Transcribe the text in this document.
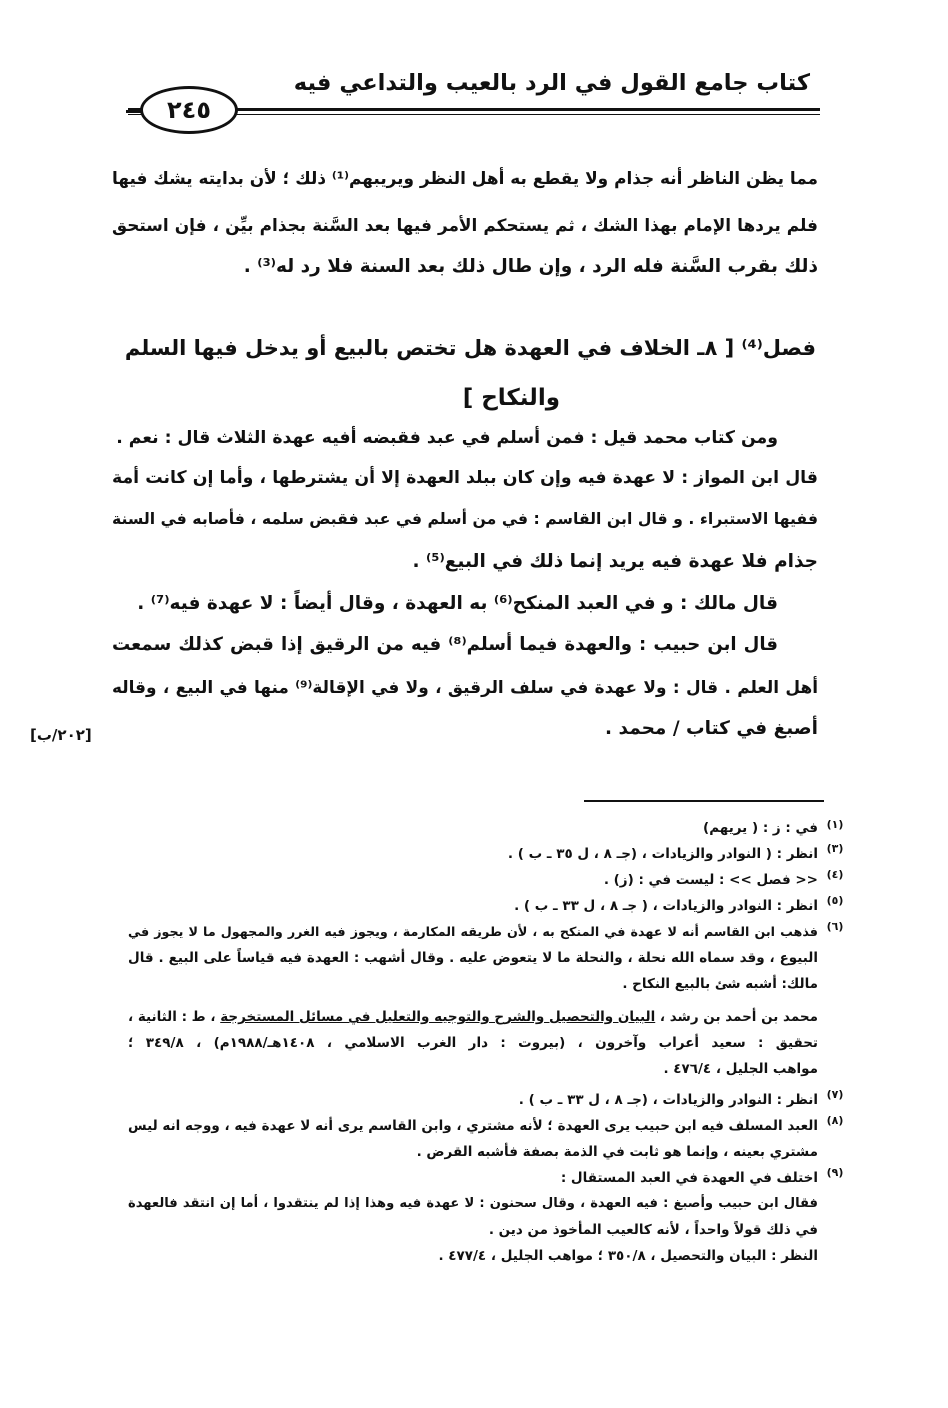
كتاب جامع القول في الرد بالعيب والتداعي فيه
٢٤٥
مما يظن الناظر أنه جذام ولا يقطع به أهل النظر ويريبهم⁽¹⁾ ذلك ؛ لأن بدايته يشك فيها
فلم يردها الإمام بهذا الشك ، ثم يستحكم الأمر فيها بعد السَّنة بجذام بيِّن ، فإن استحق
ذلك بقرب السَّنة فله الرد ، وإن طال ذلك بعد السنة فلا رد له⁽³⁾ .
فصل⁽⁴⁾ [ ٨ـ الخلاف في العهدة هل تختص بالبيع أو يدخل فيها السلم
والنكاح ]
ومن كتاب محمد قيل : فمن أسلم في عبد فقبضه أفيه عهدة الثلاث قال : نعم .
قال ابن المواز : لا عهدة فيه وإن كان ببلد العهدة إلا أن يشترطها ، وأما إن كانت أمة
ففيها الاستبراء . و قال ابن القاسم : في من أسلم في عبد فقبض سلمه ، فأصابه في السنة
جذام فلا عهدة فيه يريد إنما ذلك في البيع⁽⁵⁾ .
قال مالك : و في العبد المنكح⁽⁶⁾ به العهدة ، وقال أيضاً : لا عهدة فيه⁽⁷⁾ .
قال ابن حبيب : والعهدة فيما أسلم⁽⁸⁾ فيه من الرقيق إذا قبض كذلك سمعت
أهل العلم . قال : ولا عهدة في سلف الرقيق ، ولا في الإقالة⁽⁹⁾ منها في البيع ، وقاله
أصبغ في كتاب / محمد .
[٢٠٢/ب]
(١)
في : ز : ( يريهم)
(٣)
انظر : ( النوادر والزيادات ، (جـ ٨ ، ل ٣٥ ـ ب ) .
(٤)
<< فصل >> : ليست في : (ز) .
(٥)
انظر : النوادر والزيادات ، ( جـ ٨ ، ل ٣٣ ـ ب ) .
(٦)
فذهب ابن القاسم أنه لا عهدة في المنكح به ، لأن طريقه المكارمة ، ويجوز فيه الغرر والمجهول ما لا يجوز في
البيوع ، وقد سماه الله نحلة ، والنحلة ما لا يتعوض عليه . وقال أشهب : العهدة فيه قياساً على البيع . قال
مالك: أشبه شئ بالبيع النكاح .
محمد بن أحمد بن رشد ، البيان والتحصيل والشرح والتوجيه والتعليل في مسائل المستخرجة ، ط : الثانية ،
تحقيق : سعيد أعراب وآخرون ، (بيروت : دار الغرب الاسلامي ، ١٤٠٨هـ/١٩٨٨م) ، ٣٤٩/٨ ؛
مواهب الجليل ، ٤٧٦/٤ .
(٧)
انظر : النوادر والزيادات ، (جـ ٨ ، ل ٣٣ ـ ب ) .
(٨)
العبد المسلف فيه ابن حبيب يرى العهدة ؛ لأنه مشتري ، وابن القاسم يرى أنه لا عهدة فيه ، ووجه انه ليس
مشتري بعينه ، وإنما هو ثابت في الذمة بصفة فأشبه القرض .
(٩)
اختلف في العهدة في العبد المستقال :
فقال ابن حبيب وأصبغ : فيه العهدة ، وقال سحنون : لا عهدة فيه وهذا إذا لم ينتقدوا ، أما إن انتقد فالعهدة
في ذلك قولاً واحداً ، لأنه كالعيب المأخوذ من دين .
النظر : البيان والتحصيل ، ٣٥٠/٨ ؛ مواهب الجليل ، ٤٧٧/٤ .
